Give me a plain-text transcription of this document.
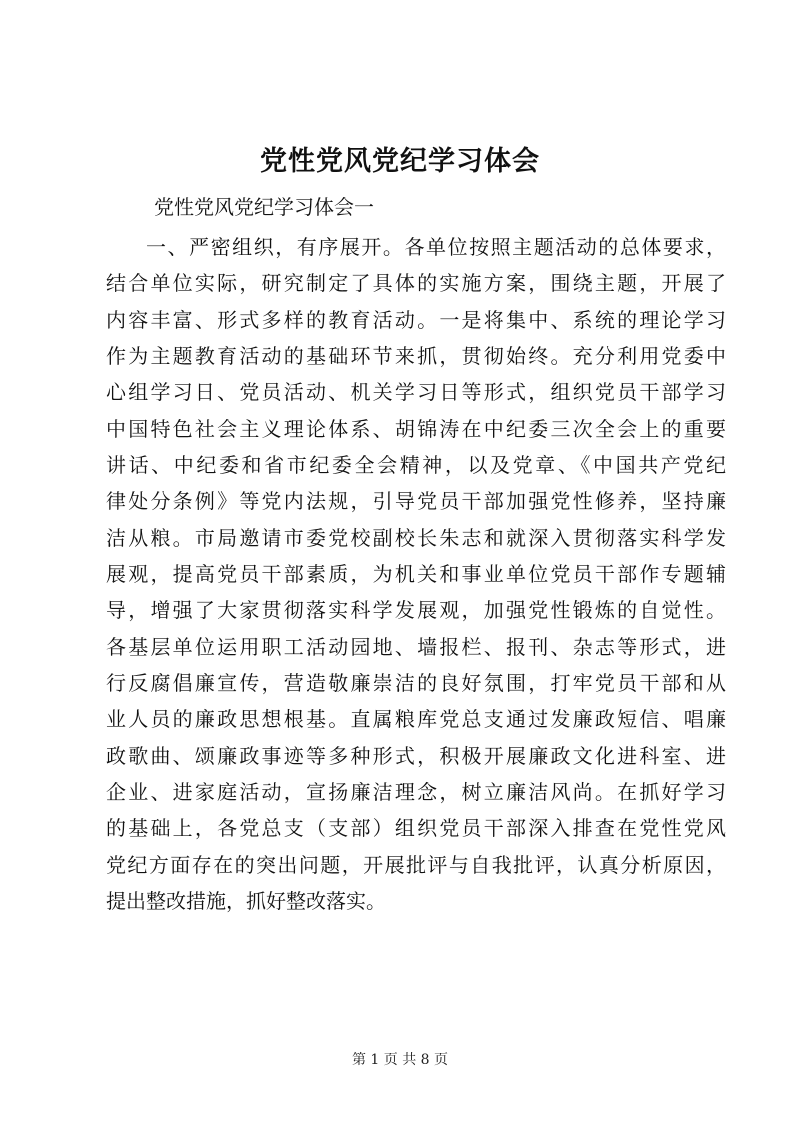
党性党风党纪学习体会

党性党风党纪学习体会一

一、严密组织，有序展开。各单位按照主题活动的总体要求，
结合单位实际，研究制定了具体的实施方案，围绕主题，开展了
内容丰富、形式多样的教育活动。一是将集中、系统的理论学习
作为主题教育活动的基础环节来抓，贯彻始终。充分利用党委中
心组学习日、党员活动、机关学习日等形式，组织党员干部学习
中国特色社会主义理论体系、胡锦涛在中纪委三次全会上的重要
讲话、中纪委和省市纪委全会精神，以及党章、《中国共产党纪
律处分条例》等党内法规，引导党员干部加强党性修养，坚持廉
洁从粮。市局邀请市委党校副校长朱志和就深入贯彻落实科学发
展观，提高党员干部素质，为机关和事业单位党员干部作专题辅
导，增强了大家贯彻落实科学发展观，加强党性锻炼的自觉性。
各基层单位运用职工活动园地、墙报栏、报刊、杂志等形式，进
行反腐倡廉宣传，营造敬廉崇洁的良好氛围，打牢党员干部和从
业人员的廉政思想根基。直属粮库党总支通过发廉政短信、唱廉
政歌曲、颂廉政事迹等多种形式，积极开展廉政文化进科室、进
企业、进家庭活动，宣扬廉洁理念，树立廉洁风尚。在抓好学习
的基础上，各党总支（支部）组织党员干部深入排查在党性党风
党纪方面存在的突出问题，开展批评与自我批评，认真分析原因，
提出整改措施，抓好整改落实。

第 1 页 共 8 页
